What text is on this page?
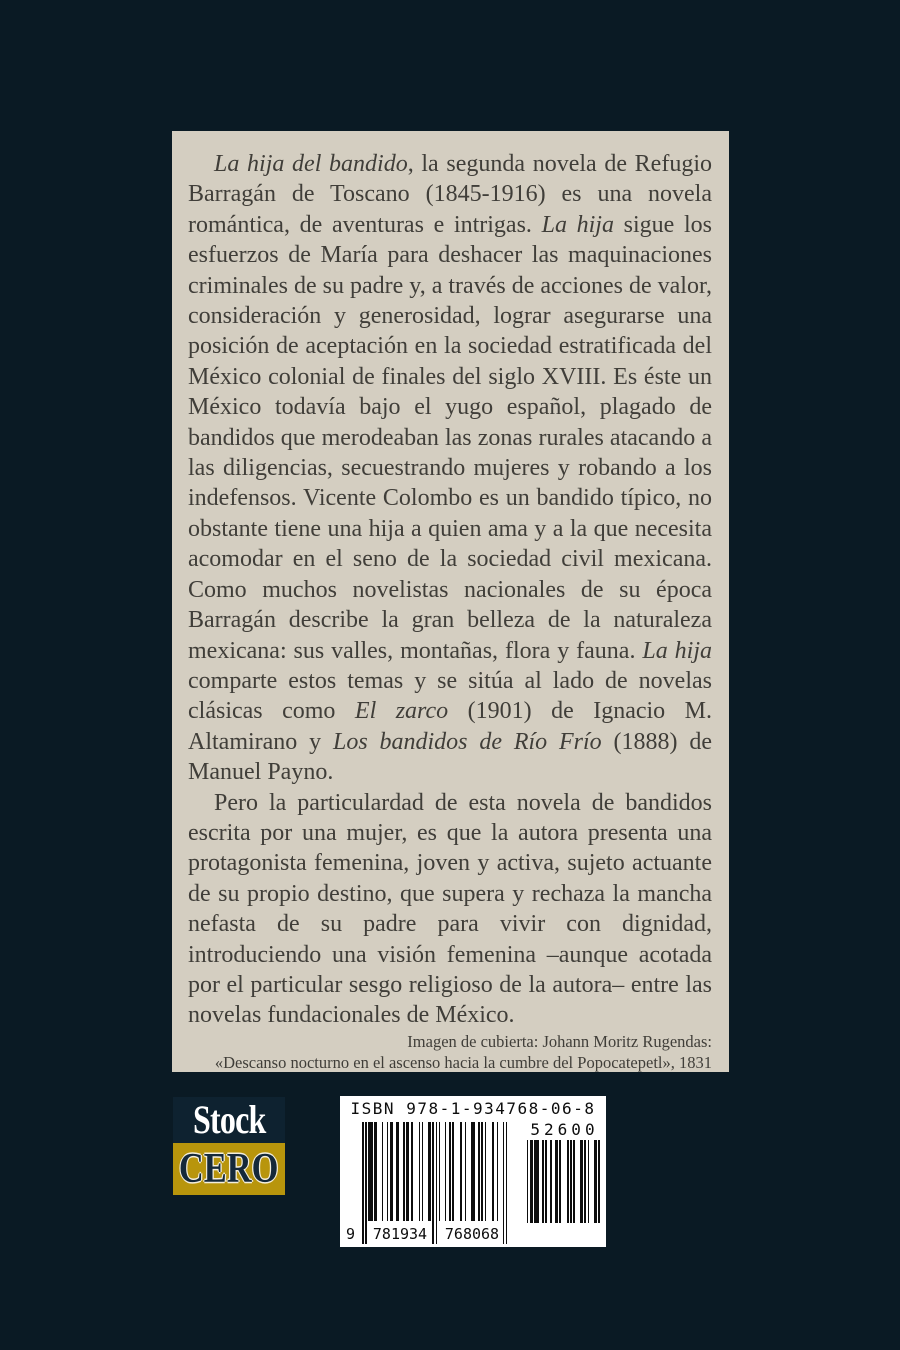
La hija del bandido, la segunda novela de Refugio Barragán de Toscano (1845-1916) es una novela romántica, de aventuras e intrigas. La hija sigue los esfuerzos de María para deshacer las maquinaciones criminales de su padre y, a través de acciones de valor, consideración y generosidad, lograr asegurarse una posición de aceptación en la sociedad estratificada del México colonial de finales del siglo XVIII. Es éste un México todavía bajo el yugo español, plagado de bandidos que merodeaban las zonas rurales atacando a las diligencias, secuestrando mujeres y robando a los indefensos. Vicente Colombo es un bandido típico, no obstante tiene una hija a quien ama y a la que necesita acomodar en el seno de la sociedad civil mexicana. Como muchos novelistas nacionales de su época Barragán describe la gran belleza de la naturaleza mexicana: sus valles, montañas, flora y fauna. La hija comparte estos temas y se sitúa al lado de novelas clásicas como El zarco (1901) de Ignacio M. Altamirano y Los bandidos de Río Frío (1888) de Manuel Payno.

Pero la particulardad de esta novela de bandidos escrita por una mujer, es que la autora presenta una protagonista femenina, joven y activa, sujeto actuante de su propio destino, que supera y rechaza la mancha nefasta de su padre para vivir con dignidad, introduciendo una visión femenina –aunque acotada por el particular sesgo religioso de la autora– entre las novelas fundacionales de México.

Imagen de cubierta: Johann Moritz Rugendas:
«Descanso nocturno en el ascenso hacia la cumbre del Popocatepetl», 1831
Stock
CERO
ISBN 978-1-934768-06-8
9	781934	768068
52600
